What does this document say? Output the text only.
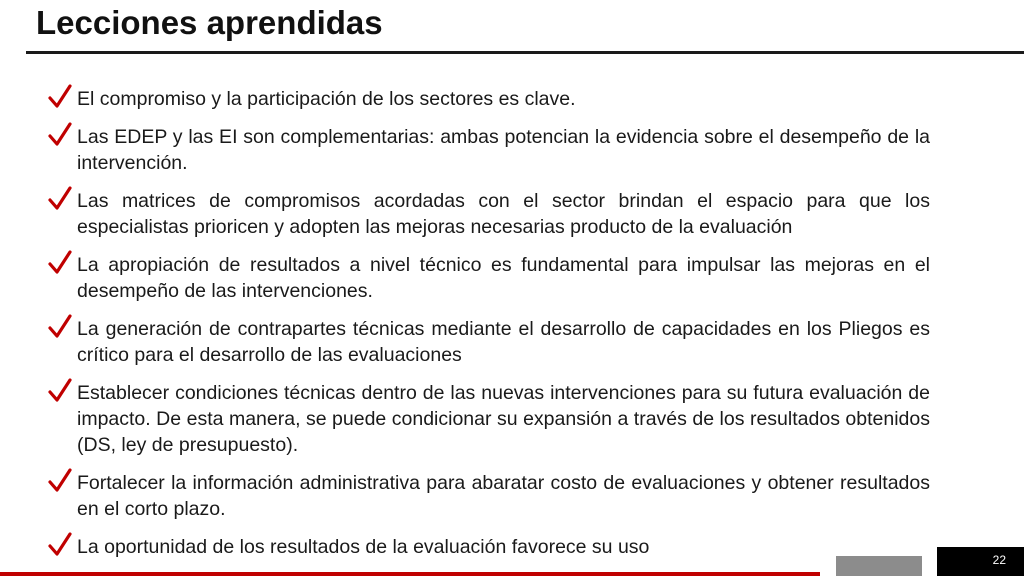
Lecciones aprendidas
El compromiso y la participación de los sectores es clave.
Las EDEP y las EI son complementarias: ambas potencian la evidencia sobre el desempeño de la intervención.
Las matrices de compromisos acordadas con el sector brindan el espacio para que los especialistas prioricen y adopten las mejoras necesarias producto de la evaluación
La apropiación de resultados a nivel técnico es fundamental para impulsar las mejoras en el desempeño de las intervenciones.
La generación de contrapartes técnicas mediante el desarrollo de capacidades en los Pliegos es crítico para el desarrollo de las evaluaciones
Establecer condiciones técnicas dentro de las nuevas intervenciones para su futura evaluación de impacto. De esta manera, se puede condicionar su expansión a través de los resultados obtenidos (DS, ley de presupuesto).
Fortalecer la información administrativa para abaratar costo de evaluaciones y obtener resultados en el corto plazo.
La oportunidad de los resultados de la evaluación favorece su uso
22
